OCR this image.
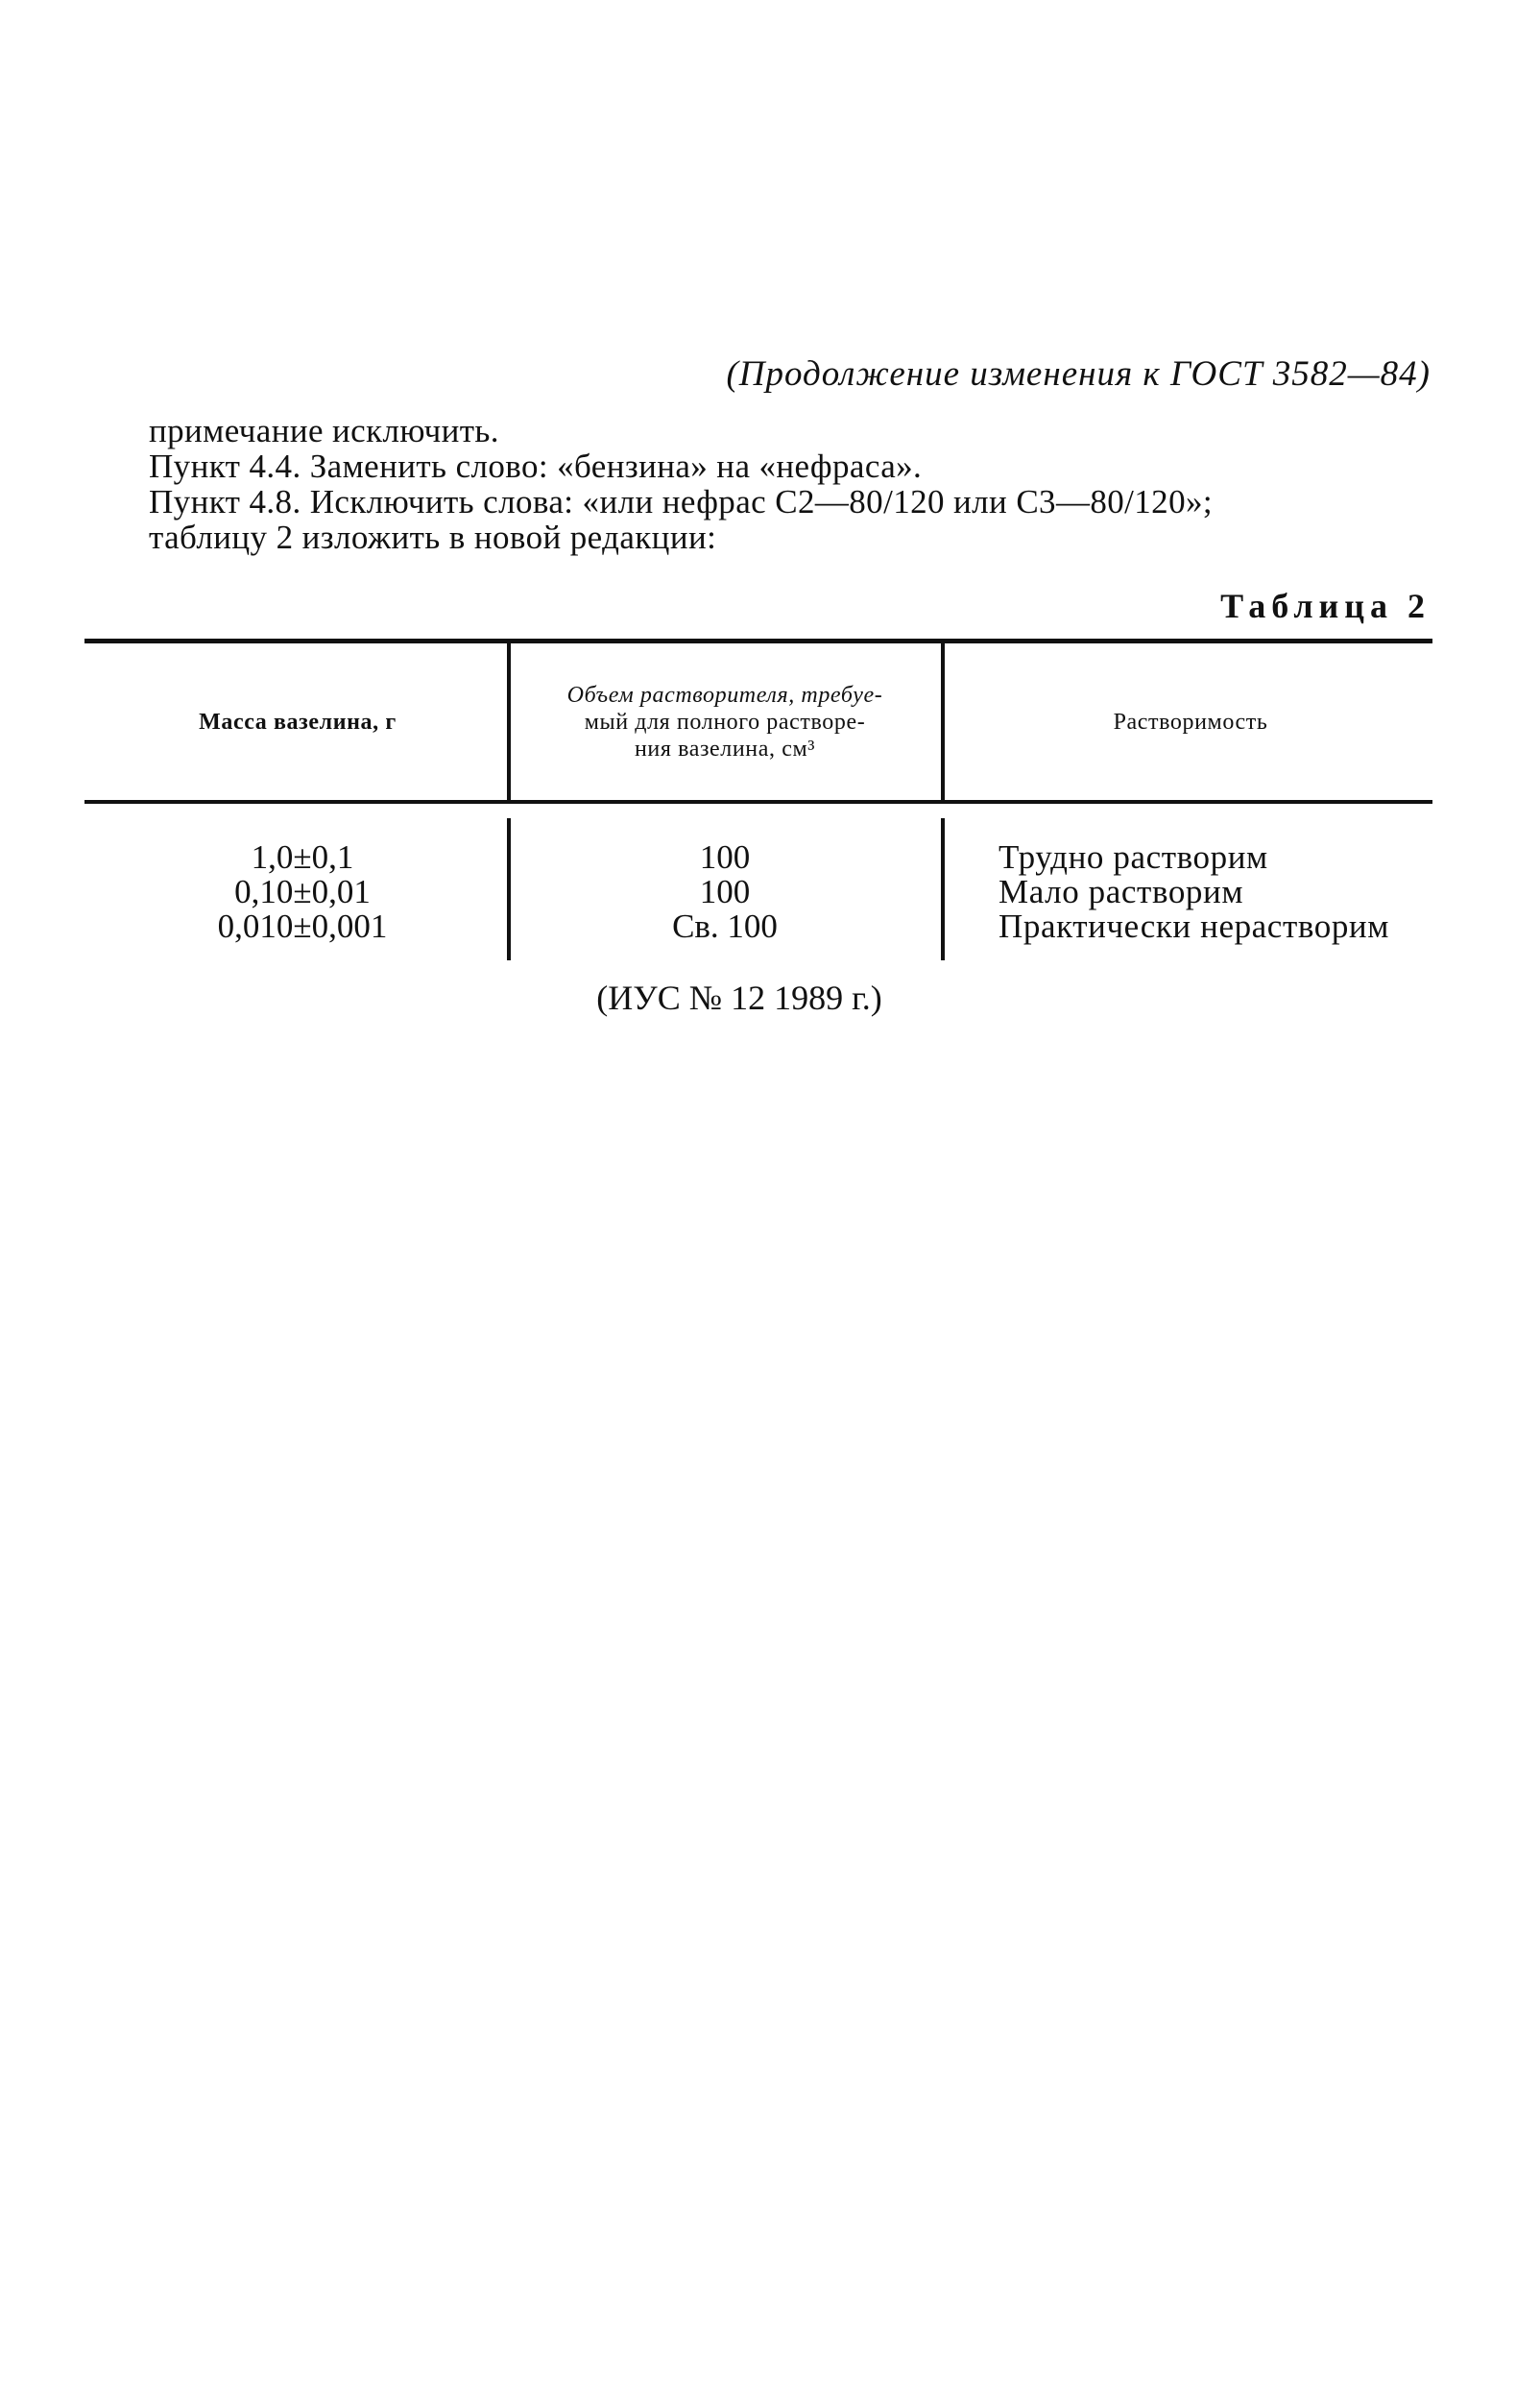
(Продолжение изменения к ГОСТ 3582—84)
примечание исключить.
Пункт 4.4. Заменить слово: «бензина» на «нефраса».
Пункт 4.8. Исключить слова: «или нефрас С2—80/120 или С3—80/120»;
таблицу 2 изложить в новой редакции:
Таблица 2
Масса вазелина, г
Объем растворителя, требуе-
мый для полного растворе-
ния вазелина, см³
Растворимость
1,0±0,1
0,10±0,01
0,010±0,001
100
100
Св. 100
Трудно растворим
Мало растворим
Практически нерастворим
(ИУС № 12 1989 г.)
